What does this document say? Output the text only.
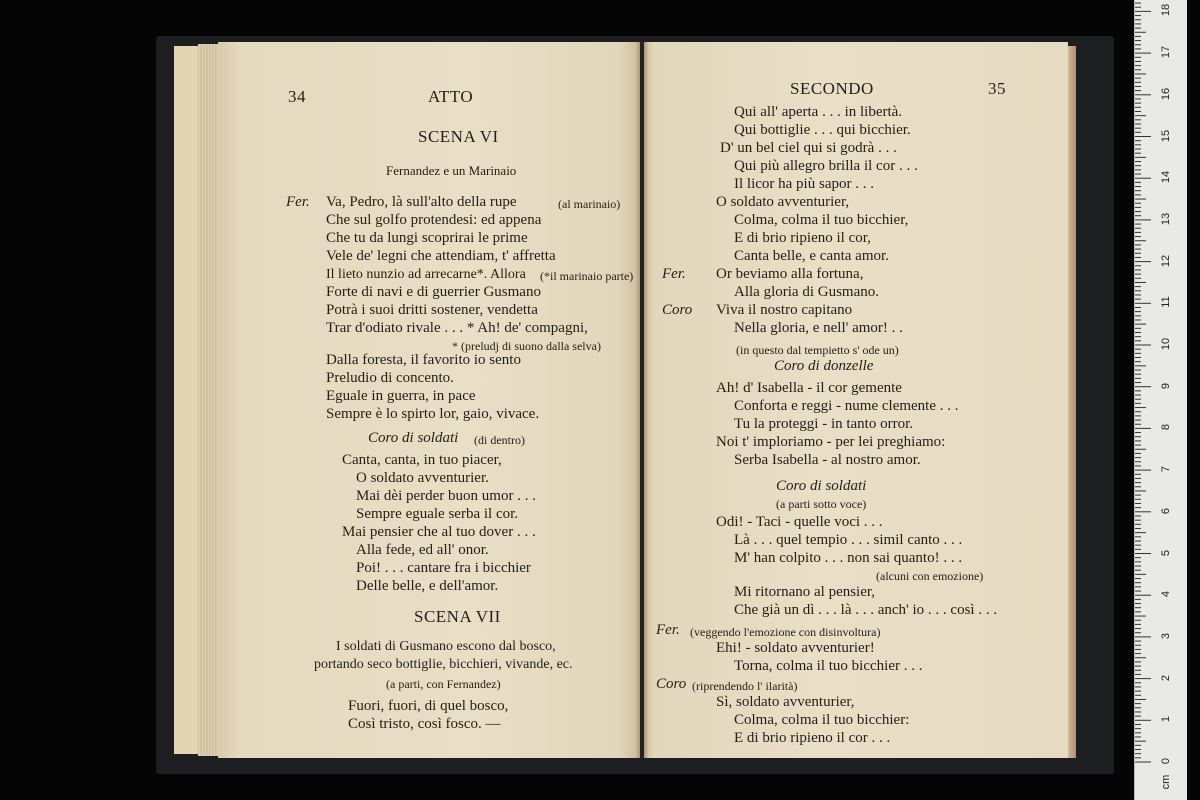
34	ATTO
SCENA VI
Fernandez e un Marinaio
Fer. Va, Pedro, là sull'alto della rupe	(al marinaio)
Che sul golfo protendesi: ed appena
Che tu da lungi scoprirai le prime
Vele de' legni che attendiam, t' affretta
Il lieto nunzio ad arrecarne*. Allora (*il marinaio parte)
Forte di navi e di guerrier Gusmano
Potrà i suoi dritti sostener, vendetta
Trar d'odiato rivale . . . * Ah! de' compagni,
* (preludj di suono dalla selva)
Dalla foresta, il favorito io sento
Preludio di concento.
Eguale in guerra, in pace
Sempre è lo spirto lor, gaio, vivace.
Coro di soldati (di dentro)
Canta, canta, in tuo piacer,
O soldato avventurier.
Mai dèi perder buon umor . . .
Sempre eguale serba il cor.
Mai pensier che al tuo dover . . .
Alla fede, ed all' onor.
Poi! . . . cantare fra i bicchier
Delle belle, e dell'amor.
SCENA VII
I soldati di Gusmano escono dal bosco,
portando seco bottiglie, bicchieri, vivande, ec.
(a parti, con Fernandez)
Fuori, fuori, di quel bosco,
Così tristo, così fosco. —
SECONDO	35
Qui all' aperta . . . in libertà.
Qui bottiglie . . . qui bicchier.
D' un bel ciel qui si godrà . . .
Qui più allegro brilla il cor . . .
Il licor ha più sapor . . .
O soldato avventurier,
Colma, colma il tuo bicchier,
E di brio ripieno il cor,
Canta belle, e canta amor.
Fer. Or beviamo alla fortuna,
Alla gloria di Gusmano.
Coro Viva il nostro capitano
Nella gloria, e nell' amor! . .
(in questo dal tempietto s' ode un)
Coro di donzelle
Ah! d' Isabella - il cor gemente
Conforta e reggi - nume clemente . . .
Tu la proteggi - in tanto orror.
Noi t' imploriamo - per lei preghiamo:
Serba Isabella - al nostro amor.
Coro di soldati
(a parti sotto voce)
Odi! - Taci - quelle voci . . .
Là . . . quel tempio . . . simil canto . . .
M' han colpito . . . non sai quanto! . . .
(alcuni con emozione)
Mi ritornano al pensier,
Che già un dì . . . là . . . anch' io . . . così . . .
Fer. (veggendo l'emozione con disinvoltura)
Ehi! - soldato avventurier!
Torna, colma il tuo bicchier . . .
Coro (riprendendo l' ilarità)
Sì, soldato avventurier,
Colma, colma il tuo bicchier:
E di brio ripieno il cor . . .
0
1
2
3
4
5
6
7
8
9
10
11
12
13
14
15
16
17
18
cm
